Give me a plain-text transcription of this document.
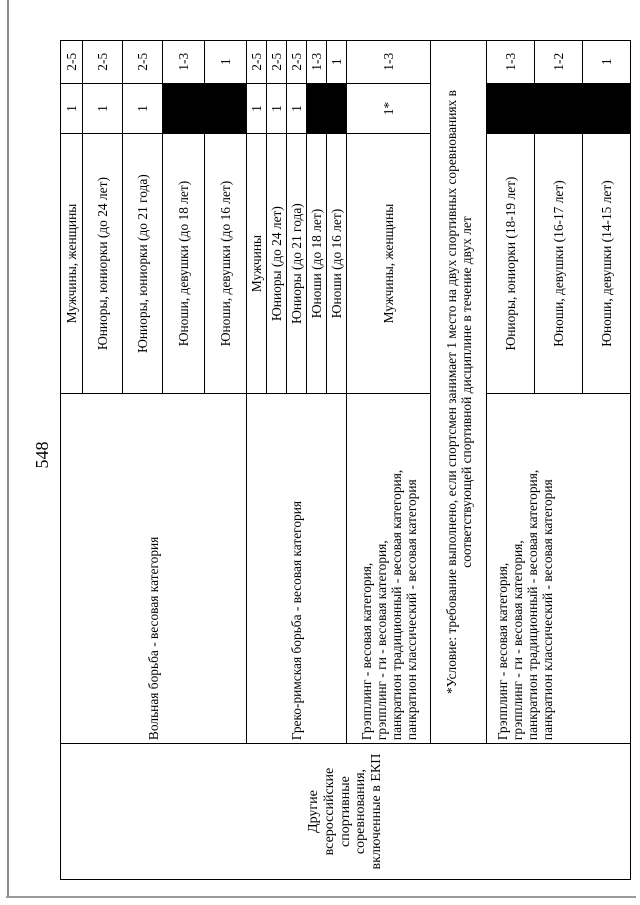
548
Другие всероссийские спортивные соревнования, включенные в ЕКП	Вольная борьба - весовая категория	Мужчины, женщины	1	2-5
		Юниоры, юниорки (до 24 лет)	1	2-5
		Юниоры, юниорки (до 21 года)	1	2-5
		Юноши, девушки (до 18 лет)		1-3
		Юноши, девушки (до 16 лет)		1
	Греко-римская борьба - весовая категория	Мужчины	1	2-5
		Юниоры (до 24 лет)	1	2-5
		Юниоры (до 21 года)	1	2-5
		Юноши (до 18 лет)		1-3
		Юноши (до 16 лет)		1

	Грэпплинг - весовая категория, грэпплинг - ги - весовая категория, панкратион традиционный - весовая категория, панкратион классический - весовая категория	Мужчины, женщины	1*	1-3
	*Условие: требование выполнено, если спортсмен занимает 1 место на двух спортивных соревнованиях в соответствующей спортивной дисциплине в течение двух лет			

	Грэпплинг - весовая категория, грэпплинг - ги - весовая категория, панкратион традиционный - весовая категория, панкратион классический - весовая категория	Юниоры, юниорки (18-19 лет)		1-3
		Юноши, девушки (16-17 лет)		1-2
		Юноши, девушки (14-15 лет)		1
